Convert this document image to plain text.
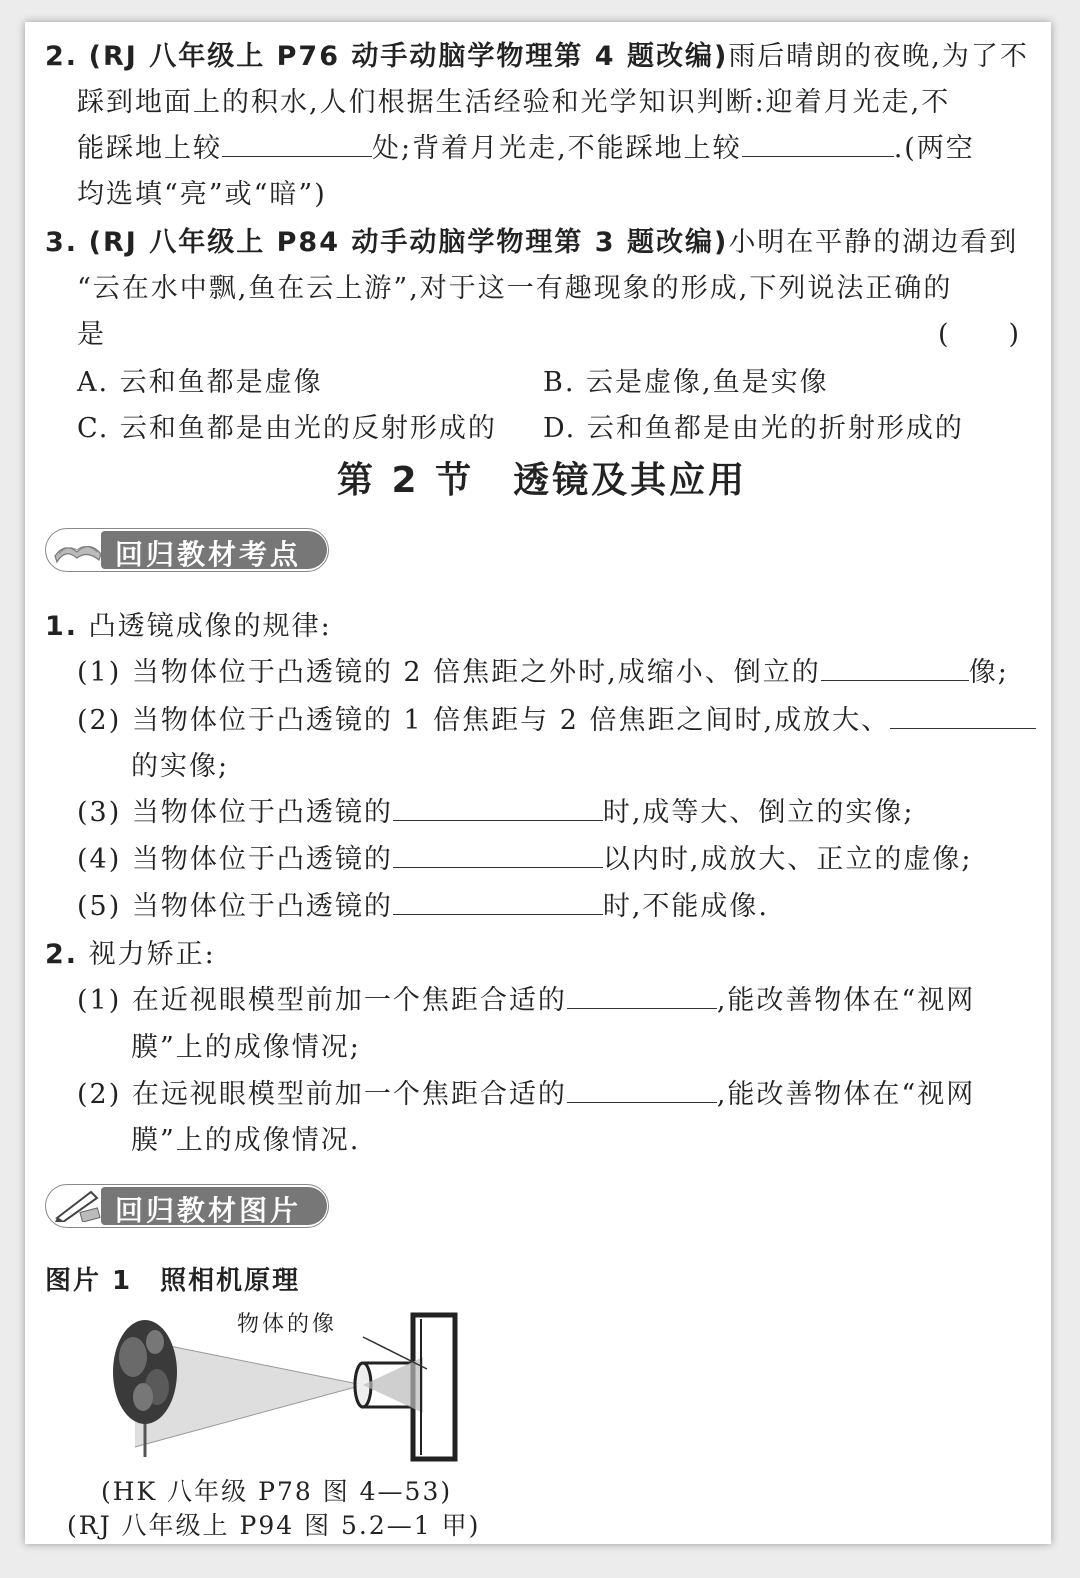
2. (RJ 八年级上 P76 动手动脑学物理第 4 题改编)雨后晴朗的夜晚,为了不
踩到地面上的积水,人们根据生活经验和光学知识判断:迎着月光走,不
能踩地上较	处;背着月光走,不能踩地上较	.(两空
均选填“亮”或“暗”)
3. (RJ 八年级上 P84 动手动脑学物理第 3 题改编)小明在平静的湖边看到
“云在水中飘,鱼在云上游”,对于这一有趣现象的形成,下列说法正确的
是	(　　)
A. 云和鱼都是虚像	B. 云是虚像,鱼是实像
C. 云和鱼都是由光的反射形成的 D. 云和鱼都是由光的折射形成的
第 2 节　透镜及其应用
回归教材考点
1. 凸透镜成像的规律:
(1) 当物体位于凸透镜的 2 倍焦距之外时,成缩小、倒立的	像;
(2) 当物体位于凸透镜的 1 倍焦距与 2 倍焦距之间时,成放大、
的实像;
(3) 当物体位于凸透镜的	时,成等大、倒立的实像;
(4) 当物体位于凸透镜的	以内时,成放大、正立的虚像;
(5) 当物体位于凸透镜的	时,不能成像.
2. 视力矫正:
(1) 在近视眼模型前加一个焦距合适的	,能改善物体在“视网
膜”上的成像情况;
(2) 在远视眼模型前加一个焦距合适的	,能改善物体在“视网
膜”上的成像情况.
回归教材图片
图片 1　照相机原理
物体的像
(HK 八年级 P78 图 4—53)
(RJ 八年级上 P94 图 5.2—1 甲)
